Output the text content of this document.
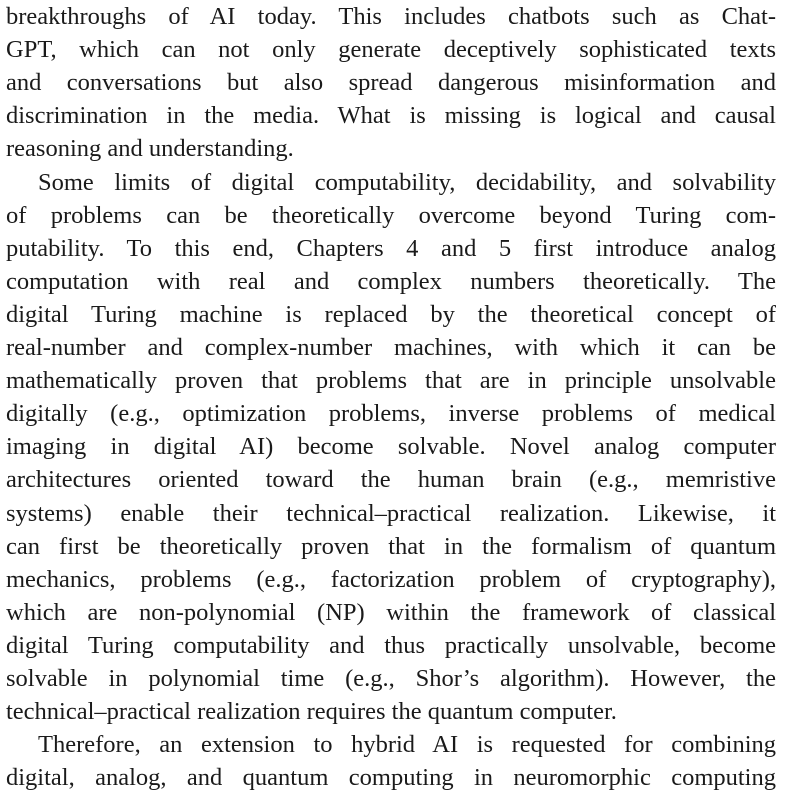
breakthroughs of AI today. This includes chatbots such as Chat-
GPT, which can not only generate deceptively sophisticated texts
and conversations but also spread dangerous misinformation and
discrimination in the media. What is missing is logical and causal
reasoning and understanding.
Some limits of digital computability, decidability, and solvability
of problems can be theoretically overcome beyond Turing com-
putability. To this end, Chapters 4 and 5 first introduce analog
computation with real and complex numbers theoretically. The
digital Turing machine is replaced by the theoretical concept of
real-number and complex-number machines, with which it can be
mathematically proven that problems that are in principle unsolvable
digitally (e.g., optimization problems, inverse problems of medical
imaging in digital AI) become solvable. Novel analog computer
architectures oriented toward the human brain (e.g., memristive
systems) enable their technical–practical realization. Likewise, it
can first be theoretically proven that in the formalism of quantum
mechanics, problems (e.g., factorization problem of cryptography),
which are non-polynomial (NP) within the framework of classical
digital Turing computability and thus practically unsolvable, become
solvable in polynomial time (e.g., Shor’s algorithm). However, the
technical–practical realization requires the quantum computer.
Therefore, an extension to hybrid AI is requested for combining
digital, analog, and quantum computing in neuromorphic computing
